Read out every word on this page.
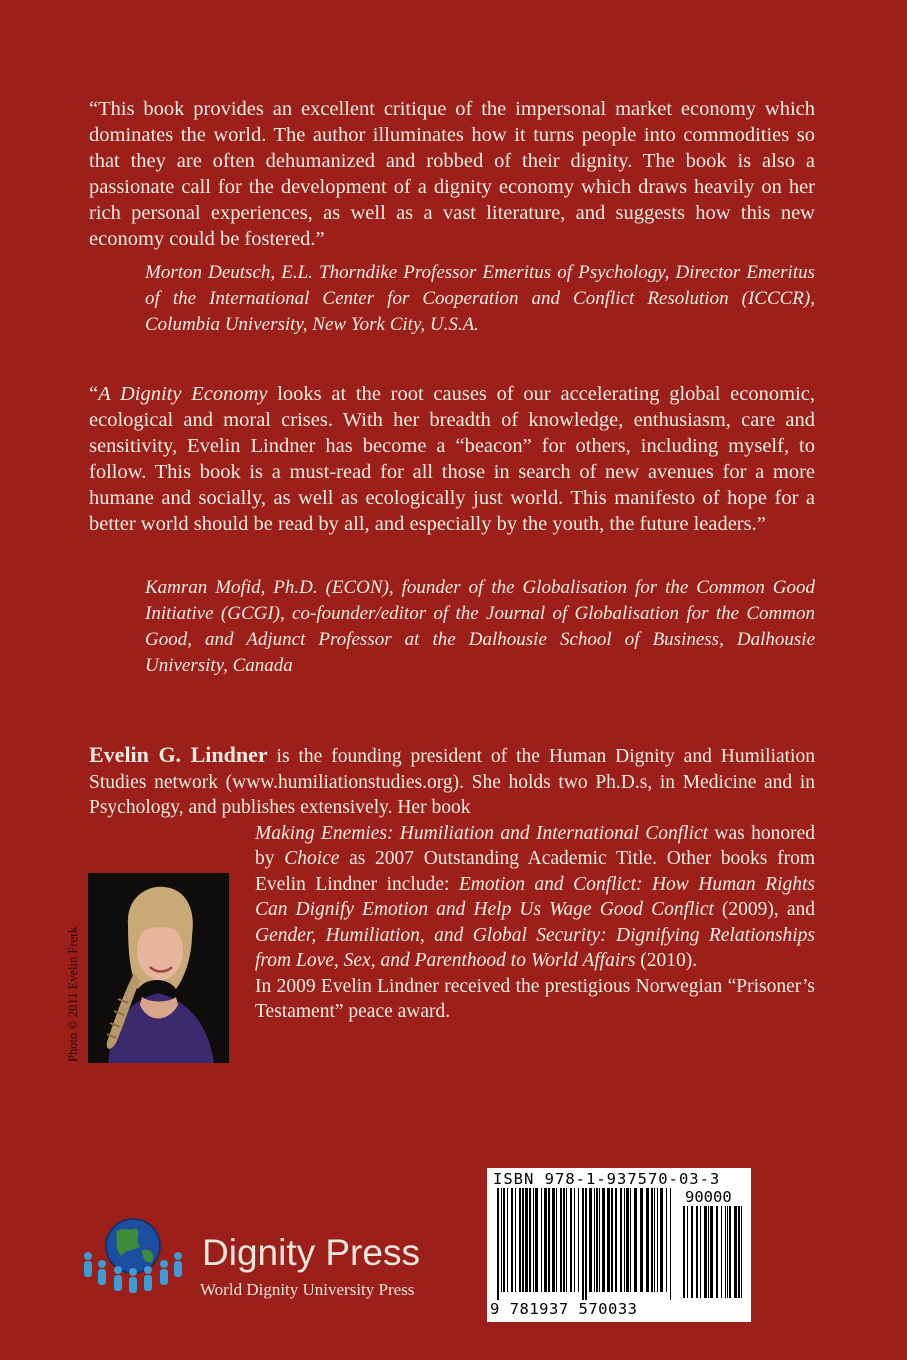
“This book provides an excellent critique of the impersonal market economy which dominates the world. The author illuminates how it turns people into commodities so that they are often dehumanized and robbed of their dignity. The book is also a passionate call for the development of a dignity economy which draws heavily on her rich personal experiences, as well as a vast literature, and suggests how this new economy could be fostered.”

Morton Deutsch, E.L. Thorndike Professor Emeritus of Psychology, Director Emeritus of the International Center for Cooperation and Conflict Resolution (ICCCR), Columbia University, New York City, U.S.A.

“A Dignity Economy looks at the root causes of our accelerating global economic, ecological and moral crises. With her breadth of knowledge, enthusiasm, care and sensitivity, Evelin Lindner has become a “beacon” for others, including myself, to follow. This book is a must-read for all those in search of new avenues for a more humane and socially, as well as ecologically just world. This manifesto of hope for a better world should be read by all, and especially by the youth, the future leaders.”

Kamran Mofid, Ph.D. (ECON), founder of the Globalisation for the Common Good Initiative (GCGI), co-founder/editor of the Journal of Globalisation for the Common Good, and Adjunct Professor at the Dalhousie School of Business, Dalhousie University, Canada

Evelin G. Lindner is the founding president of the Human Dignity and Humiliation Studies network (www.humiliationstudies.org). She holds two Ph.D.s, in Medicine and in Psychology, and publishes extensively. Her book

Making Enemies: Humiliation and International Conflict was honored by Choice as 2007 Outstanding Academic Title. Other books from Evelin Lindner include: Emotion and Conflict: How Human Rights Can Dignify Emotion and Help Us Wage Good Conflict (2009), and Gender, Humiliation, and Global Security: Dignifying Relationships from Love, Sex, and Parenthood to World Affairs (2010).

In 2009 Evelin Lindner received the prestigious Norwegian “Prisoner’s Testament” peace award.

Photo © 2011 Evelin Frerk

Dignity Press

World Dignity University Press

ISBN 978-1-937570-03-3
90000
9 781937 570033
